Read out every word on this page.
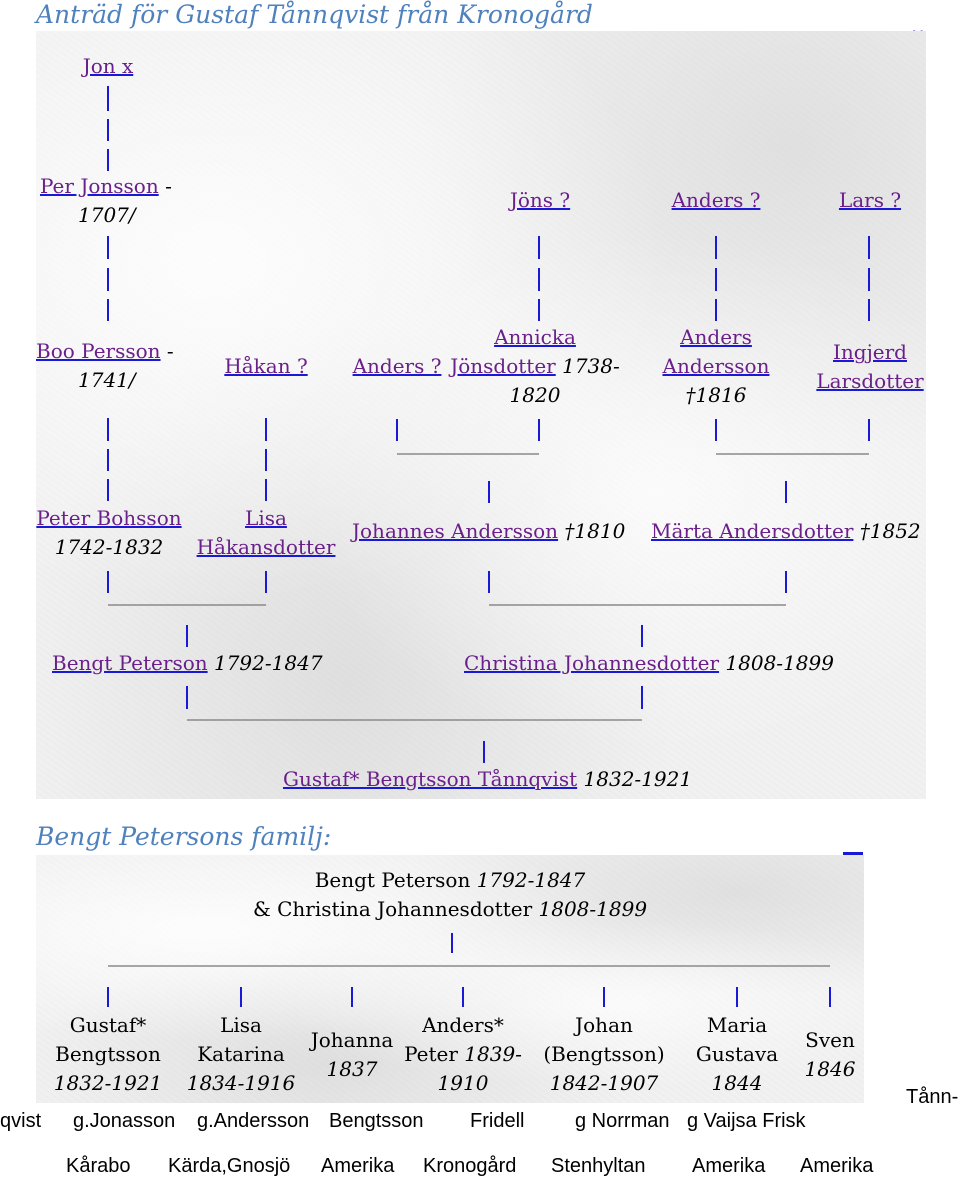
Anträd för Gustaf Tånnqvist från Kronogård
Jon x
Per Jonsson -
1707/
Boo Persson -
1741/
Peter Bohsson
1742-1832
Håkan ?
Lisa
Håkansdotter
Bengt Peterson 1792-1847
Jöns ?
Anders ?
Annicka
Jönsdotter 1738-
1820
Anders ?
Anders
Andersson
†1816
Lars ?
Ingjerd
Larsdotter
Johannes Andersson †1810 Märta Andersdotter †1852
Christina Johannesdotter 1808-1899
Gustaf* Bengtsson Tånnqvist 1832-1921
Bengt Petersons familj:
Bengt Peterson 1792-1847
& Christina Johannesdotter 1808-1899
Gustaf*
Bengtsson
1832-1921
Lisa
Katarina
1834-1916
Johanna
1837
Anders*
Peter 1839-
1910
Johan
(Bengtsson)
1842-1907
Maria
Gustava
1844
Sven
1846
Tånn-
qvist g.Jonasson g.Andersson Bengtsson Fridell	g Norrman g Vaijsa Frisk
Kårabo Kärda,Gnosjö Amerika Kronogård Stenhyltan Amerika Amerika
